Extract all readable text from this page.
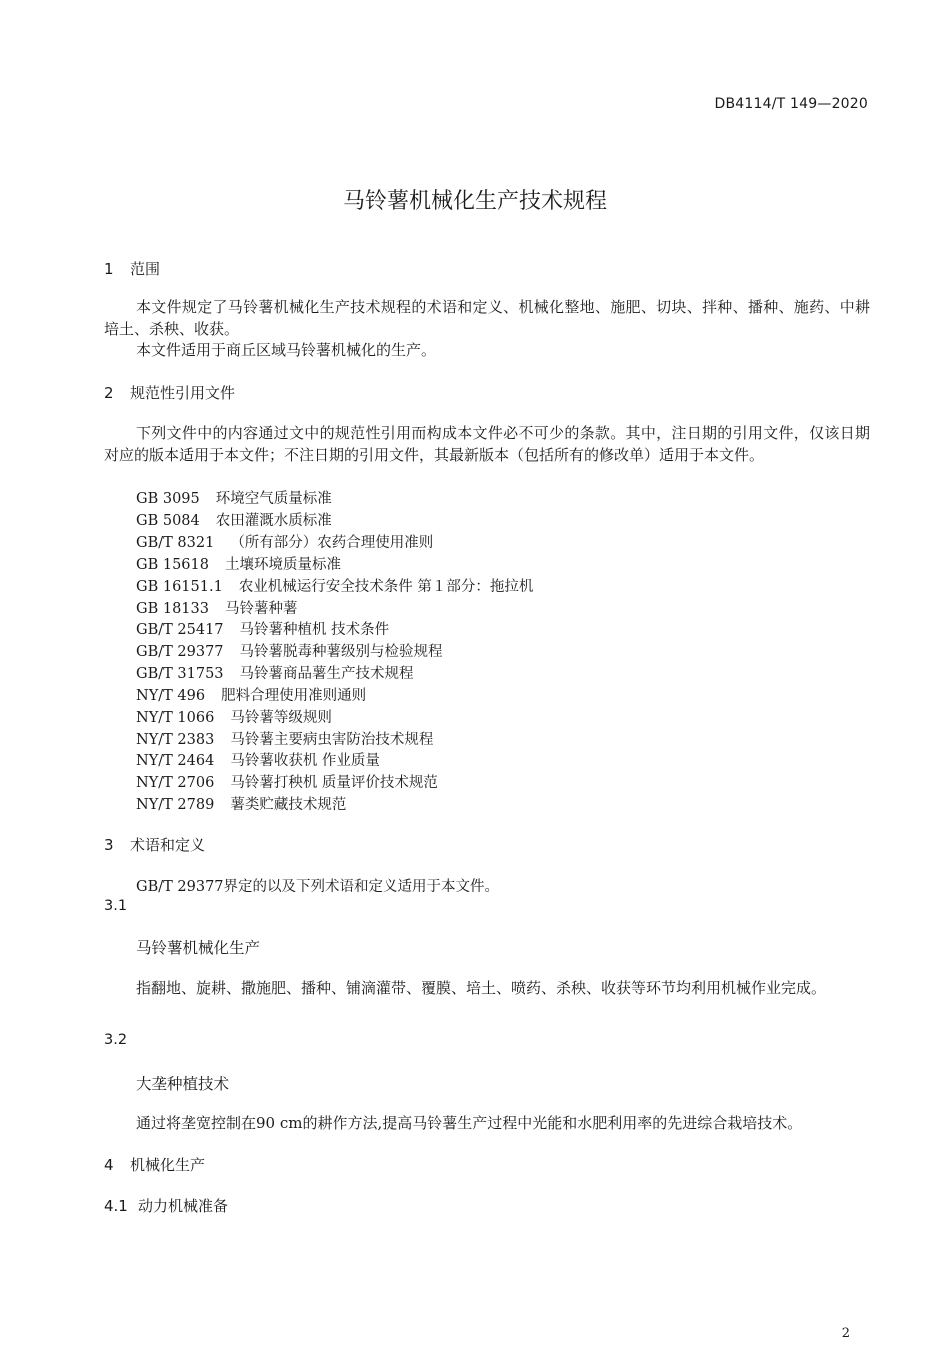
DB4114/T 149—2020
马铃薯机械化生产技术规程
1 范围
本文件规定了马铃薯机械化生产技术规程的术语和定义、机械化整地、施肥、切块、拌种、播种、施药、中耕培土、杀秧、收获。
本文件适用于商丘区域马铃薯机械化的生产。
2 规范性引用文件
下列文件中的内容通过文中的规范性引用而构成本文件必不可少的条款。其中，注日期的引用文件，仅该日期对应的版本适用于本文件；不注日期的引用文件，其最新版本（包括所有的修改单）适用于本文件。
GB 3095 环境空气质量标准
GB 5084 农田灌溉水质标准
GB/T 8321 （所有部分）农药合理使用准则
GB 15618 土壤环境质量标准
GB 16151.1 农业机械运行安全技术条件 第１部分：拖拉机
GB 18133 马铃薯种薯
GB/T 25417 马铃薯种植机 技术条件
GB/T 29377 马铃薯脱毒种薯级别与检验规程
GB/T 31753 马铃薯商品薯生产技术规程
NY/T 496 肥料合理使用准则通则
NY/T 1066 马铃薯等级规则
NY/T 2383 马铃薯主要病虫害防治技术规程
NY/T 2464 马铃薯收获机 作业质量
NY/T 2706 马铃薯打秧机 质量评价技术规范
NY/T 2789 薯类贮藏技术规范
3 术语和定义
GB/T 29377界定的以及下列术语和定义适用于本文件。
3.1
马铃薯机械化生产
指翻地、旋耕、撒施肥、播种、铺滴灌带、覆膜、培土、喷药、杀秧、收获等环节均利用机械作业完成。
3.2
大垄种植技术
通过将垄宽控制在90 cm的耕作方法,提高马铃薯生产过程中光能和水肥利用率的先进综合栽培技术。
4 机械化生产
4.1 动力机械准备
2
